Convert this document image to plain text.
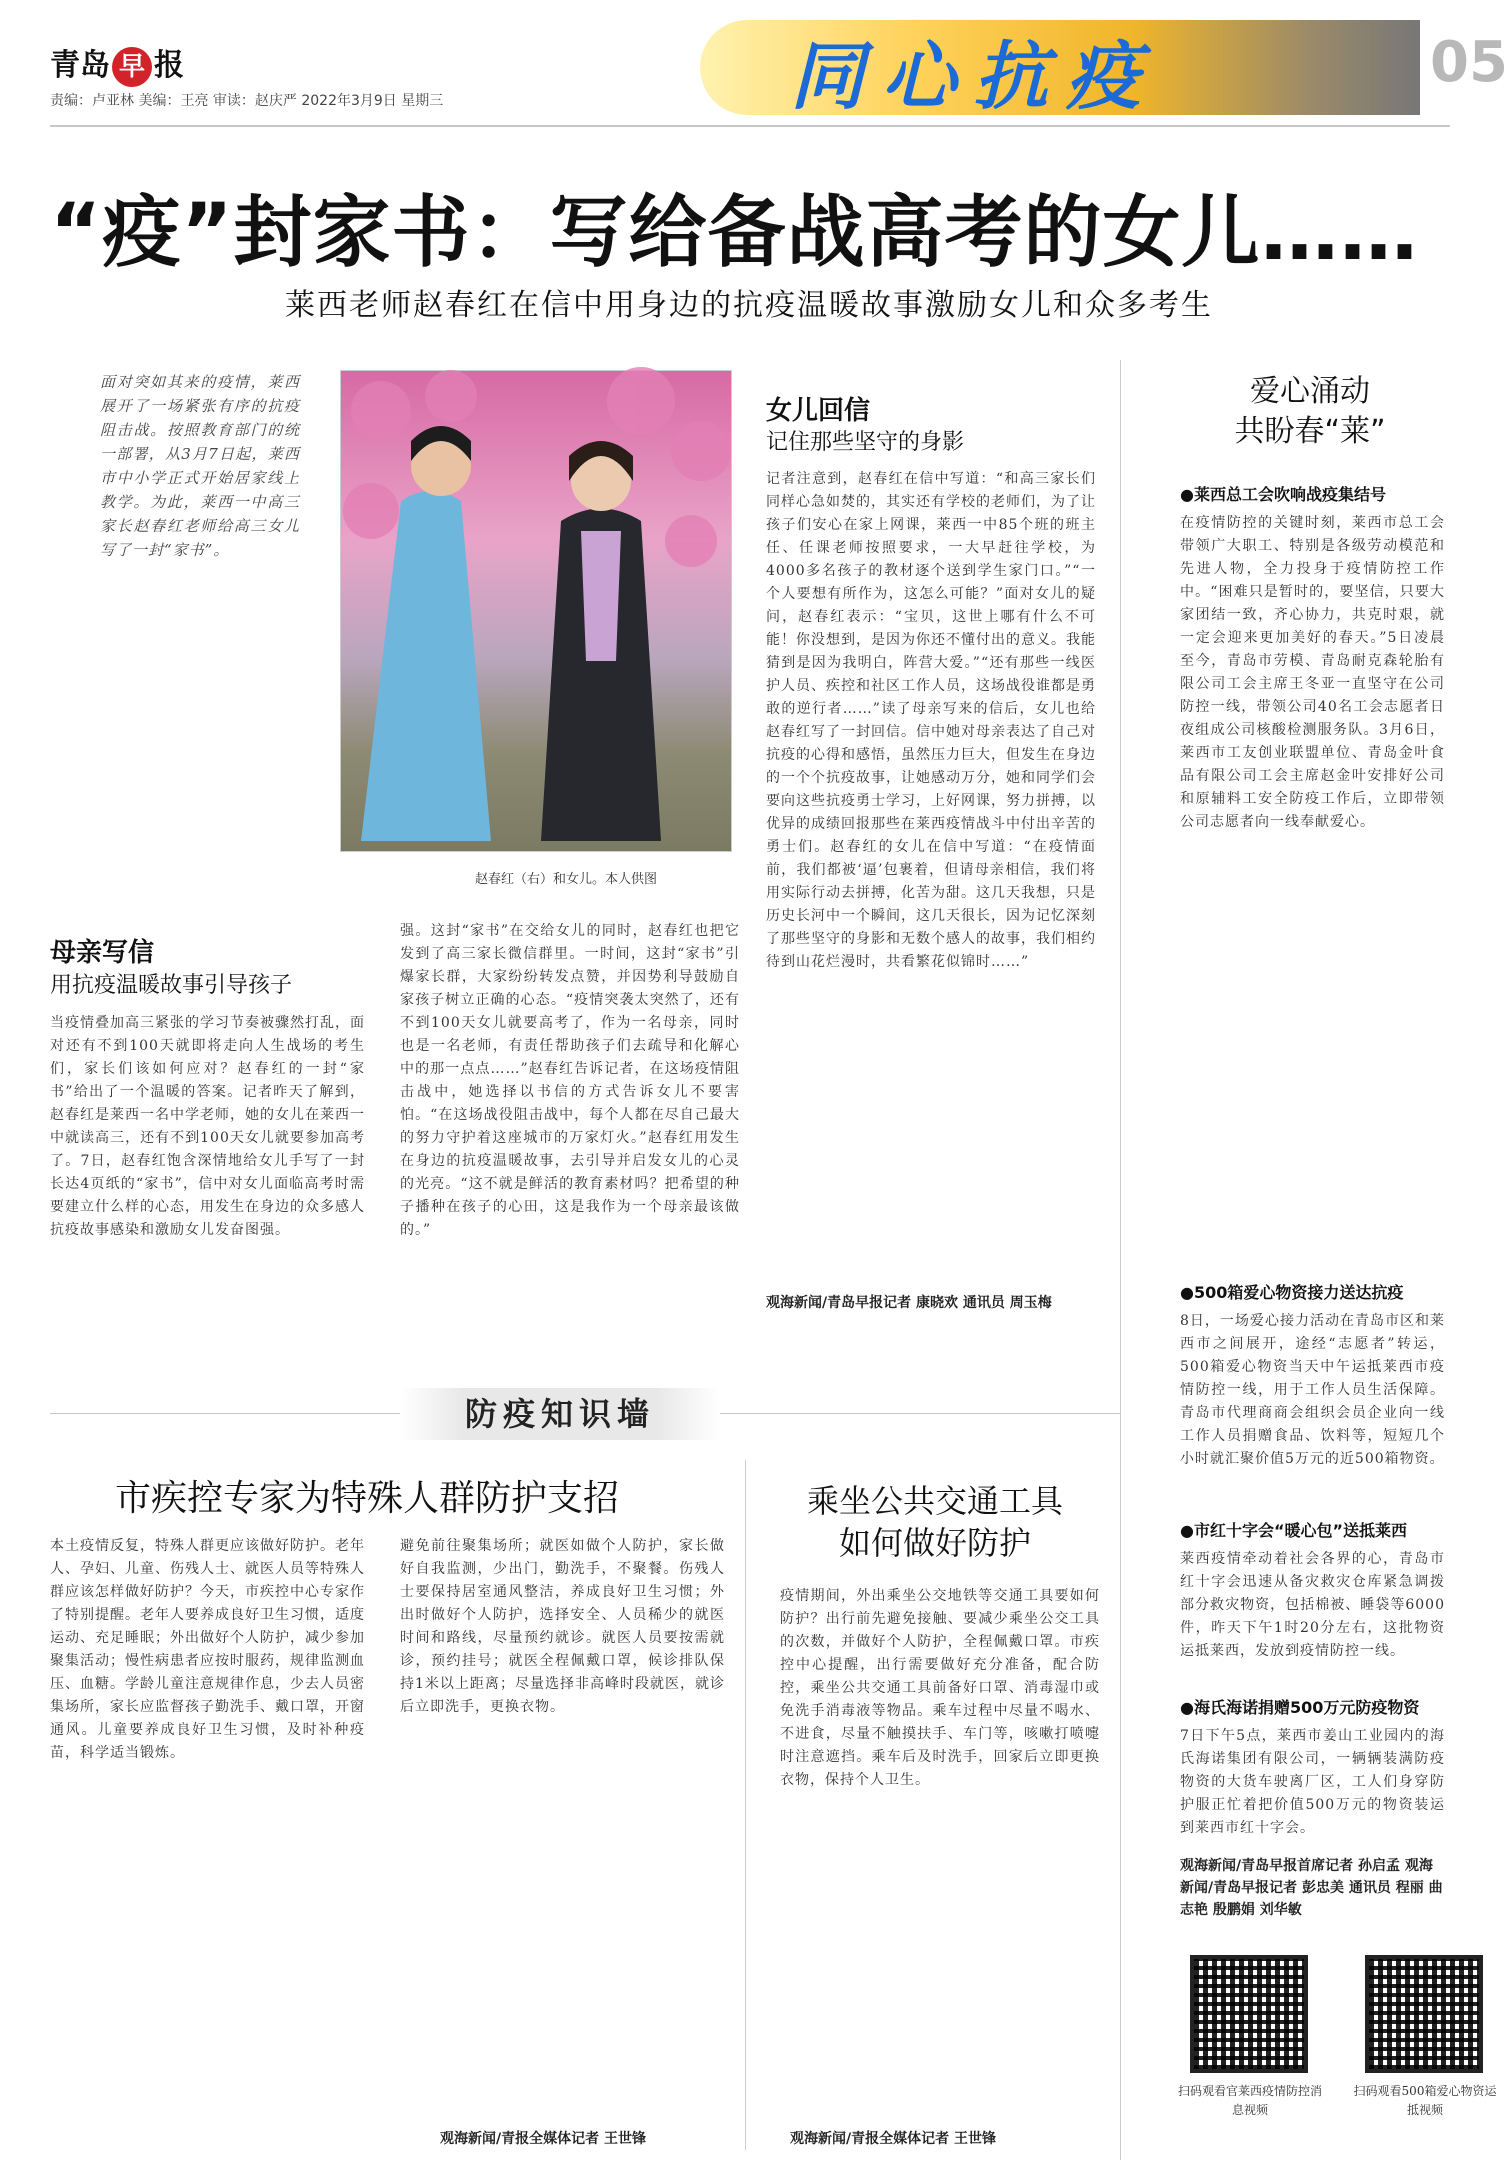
青岛 早 报
责编：卢亚林 美编：王亮 审读：赵庆严 2022年3月9日 星期三	同心抗疫	05
“疫”封家书：写给备战高考的女儿……
莱西老师赵春红在信中用身边的抗疫温暖故事激励女儿和众多考生
面对突如其来的疫情，莱西展开了一场紧张有序的抗疫阻击战。按照教育部门的统一部署，从3月7日起，莱西市中小学正式开始居家线上教学。为此，莱西一中高三家长赵春红老师给高三女儿写了一封“家书”。
赵春红（右）和女儿。本人供图
母亲写信
用抗疫温暖故事引导孩子
当疫情叠加高三紧张的学习节奏被骤然打乱，面对还有不到100天就即将走向人生战场的考生们，家长们该如何应对？赵春红的一封“家书”给出了一个温暖的答案。记者昨天了解到，赵春红是莱西一名中学老师，她的女儿在莱西一中就读高三，还有不到100天女儿就要参加高考了。7日，赵春红饱含深情地给女儿手写了一封长达4页纸的“家书”，信中对女儿面临高考时需要建立什么样的心态，用发生在身边的众多感人抗疫故事感染和激励女儿发奋图强。
强。这封“家书”在交给女儿的同时，赵春红也把它发到了高三家长微信群里。一时间，这封“家书”引爆家长群，大家纷纷转发点赞，并因势利导鼓励自家孩子树立正确的心态。“疫情突袭太突然了，还有不到100天女儿就要高考了，作为一名母亲，同时也是一名老师，有责任帮助孩子们去疏导和化解心中的那一点点……”赵春红告诉记者，在这场疫情阻击战中，她选择以书信的方式告诉女儿不要害怕。“在这场战役阻击战中，每个人都在尽自己最大的努力守护着这座城市的万家灯火。”赵春红用发生在身边的抗疫温暖故事，去引导并启发女儿的心灵的光亮。“这不就是鲜活的教育素材吗？把希望的种子播种在孩子的心田，这是我作为一个母亲最该做的。”
女儿回信
记住那些坚守的身影
记者注意到，赵春红在信中写道：“和高三家长们同样心急如焚的，其实还有学校的老师们，为了让孩子们安心在家上网课，莱西一中85个班的班主任、任课老师按照要求，一大早赶往学校，为4000多名孩子的教材逐个送到学生家门口。”“一个人要想有所作为，这怎么可能？”面对女儿的疑问，赵春红表示：“宝贝，这世上哪有什么不可能！你没想到，是因为你还不懂付出的意义。我能猜到是因为我明白，阵营大爱。”“还有那些一线医护人员、疾控和社区工作人员，这场战役谁都是勇敢的逆行者……”读了母亲写来的信后，女儿也给赵春红写了一封回信。信中她对母亲表达了自己对抗疫的心得和感悟，虽然压力巨大，但发生在身边的一个个抗疫故事，让她感动万分，她和同学们会要向这些抗疫勇士学习，上好网课，努力拼搏，以优异的成绩回报那些在莱西疫情战斗中付出辛苦的勇士们。赵春红的女儿在信中写道：“在疫情面前，我们都被‘逼’包裹着，但请母亲相信，我们将用实际行动去拼搏，化苦为甜。这几天我想，只是历史长河中一个瞬间，这几天很长，因为记忆深刻了那些坚守的身影和无数个感人的故事，我们相约待到山花烂漫时，共看繁花似锦时……”
观海新闻/青岛早报记者 康晓欢 通讯员 周玉梅
爱心涌动
共盼春“莱”
●莱西总工会吹响战疫集结号
在疫情防控的关键时刻，莱西市总工会带领广大职工、特别是各级劳动模范和先进人物，全力投身于疫情防控工作中。“困难只是暂时的，要坚信，只要大家团结一致，齐心协力，共克时艰，就一定会迎来更加美好的春天。”5日凌晨至今，青岛市劳模、青岛耐克森轮胎有限公司工会主席王冬亚一直坚守在公司防控一线，带领公司40名工会志愿者日夜组成公司核酸检测服务队。3月6日，莱西市工友创业联盟单位、青岛金叶食品有限公司工会主席赵金叶安排好公司和原辅料工安全防疫工作后，立即带领公司志愿者向一线奉献爱心。
●500箱爱心物资接力送达抗疫
8日，一场爱心接力活动在青岛市区和莱西市之间展开，途经“志愿者”转运，500箱爱心物资当天中午运抵莱西市疫情防控一线，用于工作人员生活保障。青岛市代理商商会组织会员企业向一线工作人员捐赠食品、饮料等，短短几个小时就汇聚价值5万元的近500箱物资。
●市红十字会“暖心包”送抵莱西
莱西疫情牵动着社会各界的心，青岛市红十字会迅速从备灾救灾仓库紧急调拨部分救灾物资，包括棉被、睡袋等6000件，昨天下午1时20分左右，这批物资运抵莱西，发放到疫情防控一线。
●海氏海诺捐赠500万元防疫物资
7日下午5点，莱西市姜山工业园内的海氏海诺集团有限公司，一辆辆装满防疫物资的大货车驶离厂区，工人们身穿防护服正忙着把价值500万元的物资装运到莱西市红十字会。
观海新闻/青岛早报首席记者 孙启孟 观海新闻/青岛早报记者 彭忠美 通讯员 程丽 曲志艳 殷鹏娟 刘华敏
扫码观看官莱西疫情防控消息视频
扫码观看500箱爱心物资运抵视频
防疫知识墙
市疾控专家为特殊人群防护支招
本土疫情反复，特殊人群更应该做好防护。老年人、孕妇、儿童、伤残人士、就医人员等特殊人群应该怎样做好防护？今天，市疾控中心专家作了特别提醒。老年人要养成良好卫生习惯，适度运动、充足睡眠；外出做好个人防护，减少参加聚集活动；慢性病患者应按时服药，规律监测血压、血糖。学龄儿童注意规律作息，少去人员密集场所，家长应监督孩子勤洗手、戴口罩，开窗通风。儿童要养成良好卫生习惯，及时补种疫苗，科学适当锻炼。
避免前往聚集场所；就医如做个人防护，家长做好自我监测，少出门，勤洗手，不聚餐。伤残人士要保持居室通风整洁，养成良好卫生习惯；外出时做好个人防护，选择安全、人员稀少的就医时间和路线，尽量预约就诊。就医人员要按需就诊，预约挂号；就医全程佩戴口罩，候诊排队保持1米以上距离；尽量选择非高峰时段就医，就诊后立即洗手，更换衣物。
观海新闻/青报全媒体记者 王世锋
乘坐公共交通工具
如何做好防护
疫情期间，外出乘坐公交地铁等交通工具要如何防护？出行前先避免接触、要减少乘坐公交工具的次数，并做好个人防护，全程佩戴口罩。市疾控中心提醒，出行需要做好充分准备，配合防控，乘坐公共交通工具前备好口罩、消毒湿巾或免洗手消毒液等物品。乘车过程中尽量不喝水、不进食，尽量不触摸扶手、车门等，咳嗽打喷嚏时注意遮挡。乘车后及时洗手，回家后立即更换衣物，保持个人卫生。
观海新闻/青报全媒体记者 王世锋
